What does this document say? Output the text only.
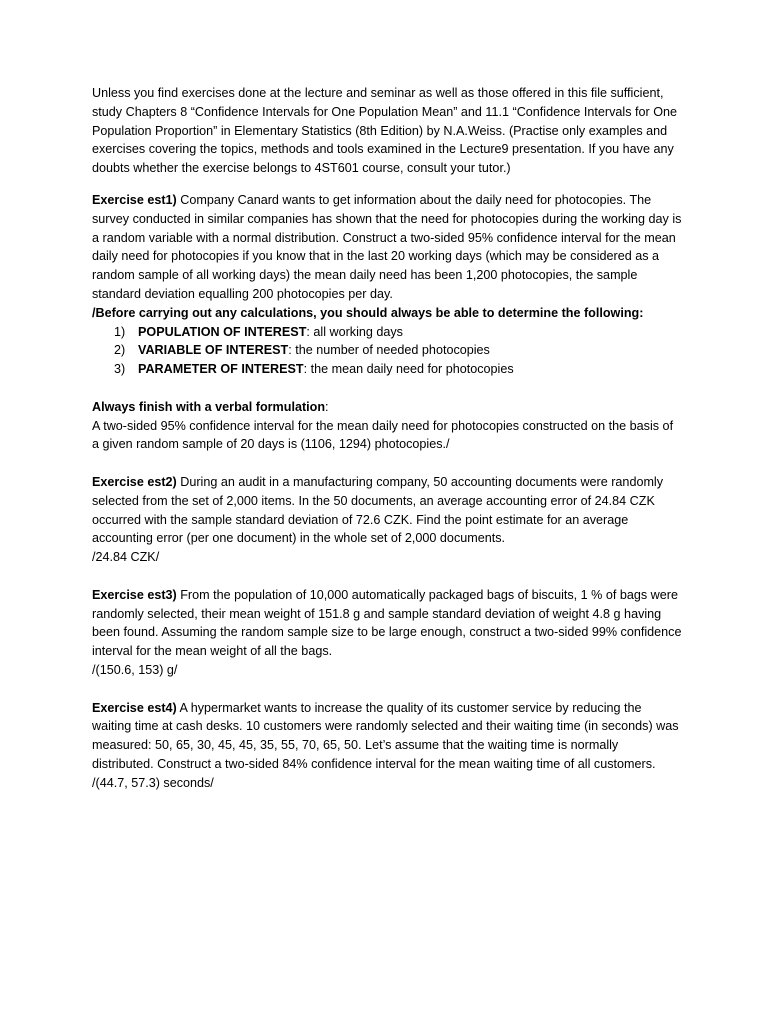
Unless you find exercises done at the lecture and seminar as well as those offered in this file sufficient, study Chapters 8 “Confidence Intervals for One Population Mean” and 11.1 “Confidence Intervals for One Population Proportion” in Elementary Statistics (8th Edition) by N.A.Weiss. (Practise only examples and exercises covering the topics, methods and tools examined in the Lecture9 presentation. If you have any doubts whether the exercise belongs to 4ST601 course, consult your tutor.)

Exercise est1) Company Canard wants to get information about the daily need for photocopies. The survey conducted in similar companies has shown that the need for photocopies during the working day is a random variable with a normal distribution. Construct a two-sided 95% confidence interval for the mean daily need for photocopies if you know that in the last 20 working days (which may be considered as a random sample of all working days) the mean daily need has been 1,200 photocopies, the sample standard deviation equalling 200 photocopies per day.

/Before carrying out any calculations, you should always be able to determine the following:

1) POPULATION OF INTEREST: all working days
2) VARIABLE OF INTEREST: the number of needed photocopies
3) PARAMETER OF INTEREST: the mean daily need for photocopies

Always finish with a verbal formulation:

A two-sided 95% confidence interval for the mean daily need for photocopies constructed on the basis of a given random sample of 20 days is (1106, 1294) photocopies./

Exercise est2) During an audit in a manufacturing company, 50 accounting documents were randomly selected from the set of 2,000 items. In the 50 documents, an average accounting error of 24.84 CZK occurred with the sample standard deviation of 72.6 CZK. Find the point estimate for an average accounting error (per one document) in the whole set of 2,000 documents.

/24.84 CZK/

Exercise est3) From the population of 10,000 automatically packaged bags of biscuits, 1 % of bags were randomly selected, their mean weight of 151.8 g and sample standard deviation of weight 4.8 g having been found. Assuming the random sample size to be large enough, construct a two-sided 99% confidence interval for the mean weight of all the bags.

/(150.6, 153) g/

Exercise est4) A hypermarket wants to increase the quality of its customer service by reducing the waiting time at cash desks. 10 customers were randomly selected and their waiting time (in seconds) was measured: 50, 65, 30, 45, 45, 35, 55, 70, 65, 50. Let’s assume that the waiting time is normally distributed. Construct a two-sided 84% confidence interval for the mean waiting time of all customers.

/(44.7, 57.3) seconds/
